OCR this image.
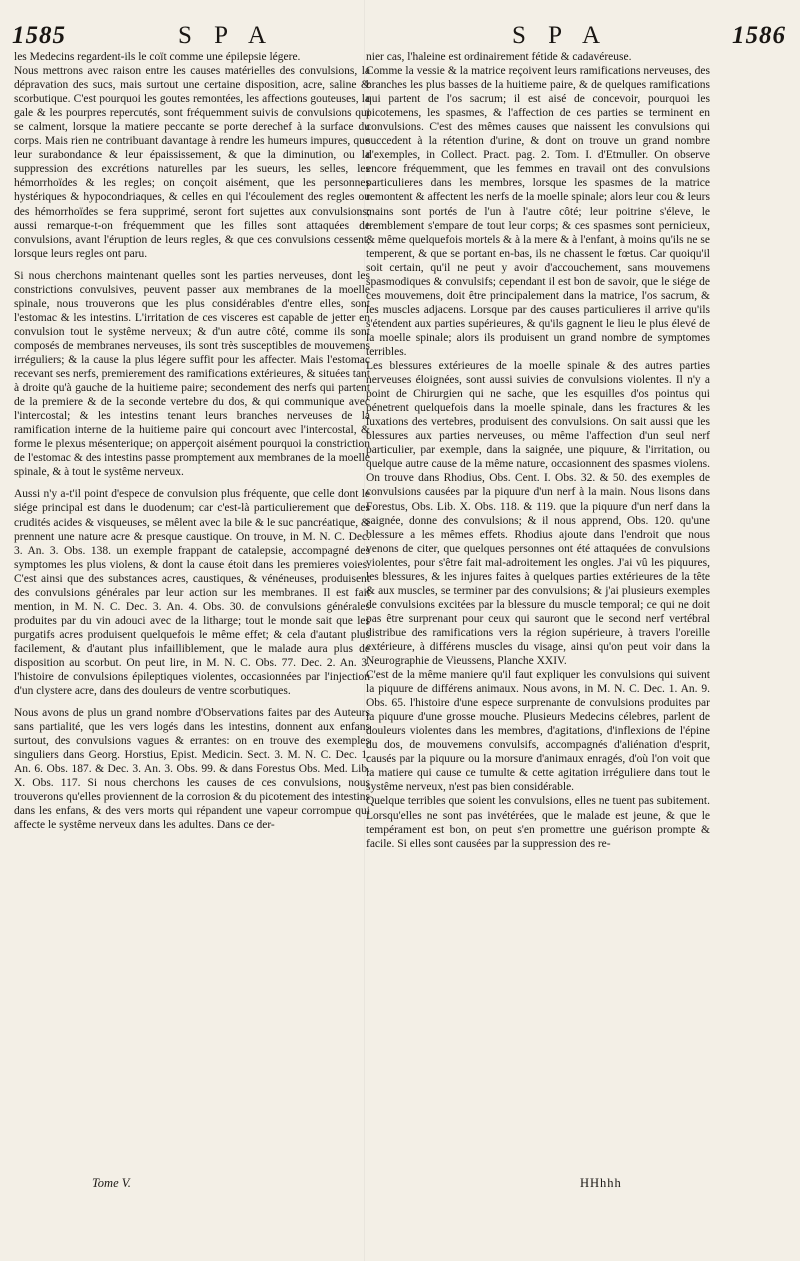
1585	S P A	S P A	1586

les Medecins regardent-ils le coït comme une épilepsie légere.

Nous mettrons avec raison entre les causes matérielles des convulsions, la dépravation des sucs, mais surtout une certaine disposition, acre, saline & scorbutique. C'est pourquoi les goutes remontées, les affections gouteuses, la gale & les pourpres repercutés, sont fréquemment suivis de convulsions qui se calment, lorsque la matiere peccante se porte derechef à la surface du corps. Mais rien ne contribuant davantage à rendre les humeurs impures, que leur surabondance & leur épaississement, & que la diminution, ou la suppression des excrétions naturelles par les sueurs, les selles, les hémorrhoïdes & les regles; on conçoit aisément, que les personnes hystériques & hypocondriaques, & celles en qui l'écoulement des regles ou des hémorrhoïdes se fera supprimé, seront fort sujettes aux convulsions; aussi remarque-t-on fréquemment que les filles sont attaquées de convulsions, avant l'éruption de leurs regles, & que ces convulsions cessent, lorsque leurs regles ont paru.

Si nous cherchons maintenant quelles sont les parties nerveuses, dont les constrictions convulsives, peuvent passer aux membranes de la moelle spinale, nous trouverons que les plus considérables d'entre elles, sont l'estomac & les intestins. L'irritation de ces visceres est capable de jetter en convulsion tout le systême nerveux; & d'un autre côté, comme ils sont composés de membranes nerveuses, ils sont très susceptibles de mouvemens irréguliers; & la cause la plus légere suffit pour les affecter. Mais l'estomac recevant ses nerfs, premierement des ramifications extérieures, & situées tant à droite qu'à gauche de la huitieme paire; secondement des nerfs qui partent de la premiere & de la seconde vertebre du dos, & qui communique avec l'intercostal; & les intestins tenant leurs branches nerveuses de la ramification interne de la huitieme paire qui concourt avec l'intercostal, & forme le plexus mésenterique; on apperçoit aisément pourquoi la constriction de l'estomac & des intestins passe promptement aux membranes de la moelle spinale, & à tout le systême nerveux.

Aussi n'y a-t'il point d'espece de convulsion plus fréquente, que celle dont le siége principal est dans le duodenum; car c'est-là particulierement que des crudités acides & visqueuses, se mêlent avec la bile & le suc pancréatique, & prennent une nature acre & presque caustique. On trouve, in M. N. C. Dec. 3. An. 3. Obs. 138. un exemple frappant de catalepsie, accompagné des symptomes les plus violens, & dont la cause étoit dans les premieres voies. C'est ainsi que des substances acres, caustiques, & vénéneuses, produisent des convulsions générales par leur action sur les membranes. Il est fait mention, in M. N. C. Dec. 3. An. 4. Obs. 30. de convulsions générales produites par du vin adouci avec de la litharge; tout le monde sait que les purgatifs acres produisent quelquefois le même effet; & cela d'autant plus facilement, & d'autant plus infailliblement, que le malade aura plus de disposition au scorbut. On peut lire, in M. N. C. Obs. 77. Dec. 2. An. 3. l'histoire de convulsions épileptiques violentes, occasionnées par l'injection d'un clystere acre, dans des douleurs de ventre scorbutiques.

Nous avons de plus un grand nombre d'Observations faites par des Auteurs sans partialité, que les vers logés dans les intestins, donnent aux enfans surtout, des convulsions vagues & errantes: on en trouve des exemples singuliers dans Georg. Horstius, Epist. Medicin. Sect. 3. M. N. C. Dec. 1. An. 6. Obs. 187. & Dec. 3. An. 3. Obs. 99. & dans Forestus Obs. Med. Lib. X. Obs. 117. Si nous cherchons les causes de ces convulsions, nous trouverons qu'elles proviennent de la corrosion & du picotement des intestins dans les enfans, & des vers morts qui répandent une vapeur corrompue qui affecte le systême nerveux dans les adultes. Dans ce der-

nier cas, l'haleine est ordinairement fétide & cadavéreuse.

Comme la vessie & la matrice reçoivent leurs ramifications nerveuses, des branches les plus basses de la huitieme paire, & de quelques ramifications qui partent de l'os sacrum; il est aisé de concevoir, pourquoi les picotemens, les spasmes, & l'affection de ces parties se terminent en convulsions. C'est des mêmes causes que naissent les convulsions qui succedent à la rétention d'urine, & dont on trouve un grand nombre d'exemples, in Collect. Pract. pag. 2. Tom. I. d'Etmuller. On observe encore fréquemment, que les femmes en travail ont des convulsions particulieres dans les membres, lorsque les spasmes de la matrice remontent & affectent les nerfs de la moelle spinale; alors leur cou & leurs mains sont portés de l'un à l'autre côté; leur poitrine s'éleve, le tremblement s'empare de tout leur corps; & ces spasmes sont pernicieux, & même quelquefois mortels & à la mere & à l'enfant, à moins qu'ils ne se temperent, & que se portant en-bas, ils ne chassent le fœtus. Car quoiqu'il soit certain, qu'il ne peut y avoir d'accouchement, sans mouvemens spasmodiques & convulsifs; cependant il est bon de savoir, que le siége de ces mouvemens, doit être principalement dans la matrice, l'os sacrum, & les muscles adjacens. Lorsque par des causes particulieres il arrive qu'ils s'étendent aux parties supérieures, & qu'ils gagnent le lieu le plus élevé de la moelle spinale; alors ils produisent un grand nombre de symptomes terribles.

Les blessures extérieures de la moelle spinale & des autres parties nerveuses éloignées, sont aussi suivies de convulsions violentes. Il n'y a point de Chirurgien qui ne sache, que les esquilles d'os pointus qui pénetrent quelquefois dans la moelle spinale, dans les fractures & les luxations des vertebres, produisent des convulsions. On sait aussi que les blessures aux parties nerveuses, ou même l'affection d'un seul nerf particulier, par exemple, dans la saignée, une piquure, & l'irritation, ou quelque autre cause de la même nature, occasionnent des spasmes violens. On trouve dans Rhodius, Obs. Cent. I. Obs. 32. & 50. des exemples de convulsions causées par la piquure d'un nerf à la main. Nous lisons dans Forestus, Obs. Lib. X. Obs. 118. & 119. que la piquure d'un nerf dans la saignée, donne des convulsions; & il nous apprend, Obs. 120. qu'une blessure a les mêmes effets. Rhodius ajoute dans l'endroit que nous venons de citer, que quelques personnes ont été attaquées de convulsions violentes, pour s'être fait mal-adroitement les ongles. J'ai vû les piquures, les blessures, & les injures faites à quelques parties extérieures de la tête & aux muscles, se terminer par des convulsions; & j'ai plusieurs exemples de convulsions excitées par la blessure du muscle temporal; ce qui ne doit pas être surprenant pour ceux qui sauront que le second nerf vertébral distribue des ramifications vers la région supérieure, à travers l'oreille extérieure, à différens muscles du visage, ainsi qu'on peut voir dans la Neurographie de Vieussens, Planche XXIV.

C'est de la même maniere qu'il faut expliquer les convulsions qui suivent la piquure de différens animaux. Nous avons, in M. N. C. Dec. 1. An. 9. Obs. 65. l'histoire d'une espece surprenante de convulsions produites par la piquure d'une grosse mouche. Plusieurs Medecins célebres, parlent de douleurs violentes dans les membres, d'agitations, d'inflexions de l'épine du dos, de mouvemens convulsifs, accompagnés d'aliénation d'esprit, causés par la piquure ou la morsure d'animaux enragés, d'où l'on voit que la matiere qui cause ce tumulte & cette agitation irréguliere dans tout le systême nerveux, n'est pas bien considérable.

Quelque terribles que soient les convulsions, elles ne tuent pas subitement. Lorsqu'elles ne sont pas invétérées, que le malade est jeune, & que le tempérament est bon, on peut s'en promettre une guérison prompte & facile. Si elles sont causées par la suppression des re-

Tome V.	HHhhh
